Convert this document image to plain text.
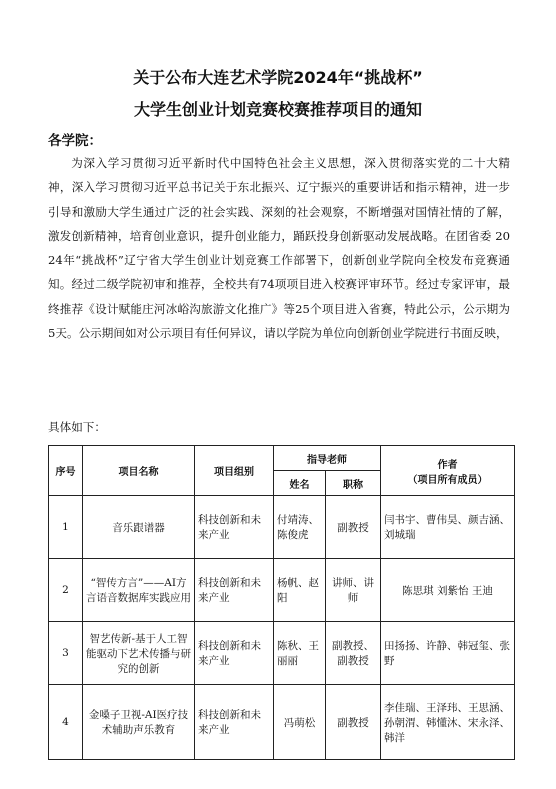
关于公布大连艺术学院2024年“挑战杯”
大学生创业计划竞赛校赛推荐项目的通知
各学院：
为深入学习贯彻习近平新时代中国特色社会主义思想，深入贯彻落实党的二十大精神，深入学习贯彻习近平总书记关于东北振兴、辽宁振兴的重要讲话和指示精神，进一步引导和激励大学生通过广泛的社会实践、深刻的社会观察，不断增强对国情社情的了解，激发创新精神，培育创业意识，提升创业能力，踊跃投身创新驱动发展战略。在团省委 2024年“挑战杯”辽宁省大学生创业计划竞赛工作部署下，创新创业学院向全校发布竞赛通知。经过二级学院初审和推荐，全校共有74项项目进入校赛评审环节。经过专家评审，最终推荐《设计赋能庄河冰峪沟旅游文化推广》等25个项目进入省赛，特此公示，公示期为5天。公示期间如对公示项目有任何异议，请以学院为单位向创新创业学院进行书面反映，
具体如下：
序号	项目名称	项目组别	指导老师		作者
（项目所有成员）

			姓名	职称	
1	音乐跟谱器	科技创新和未来产业	付靖涛、陈俊虎	副教授	闫书宇、曹伟昊、颜吉涵、刘城瑞
2	“智传方言”——AI方言语音数据库实践应用	科技创新和未来产业	杨帆、赵阳	讲师、讲师	陈思琪 刘紫怡 王迪
3	智艺传新-基于人工智能驱动下艺术传播与研究的创新	科技创新和未来产业	陈秋、王丽丽	副教授、副教授	田扬扬、许静、韩冠玺、张野
4	金嗓子卫视-AI医疗技术辅助声乐教育	科技创新和未来产业	冯萌松	副教授	李佳瑞、王泽玮、王思涵、孙朝渭、韩懂沐、宋永泽、韩洋
